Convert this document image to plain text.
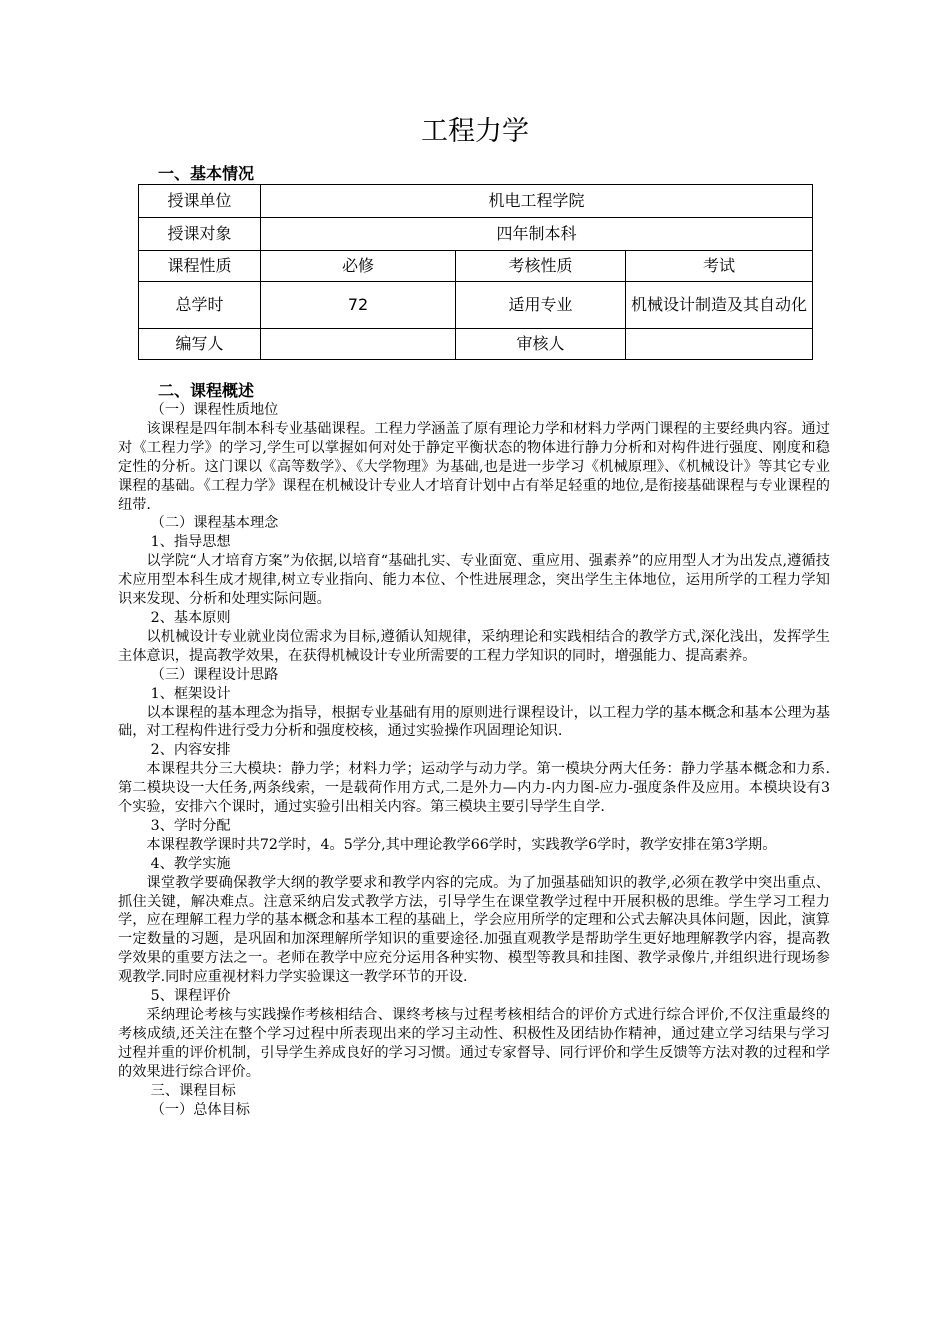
工程力学
一、基本情况
授课单位	机电工程学院		
授课对象	四年制本科		
课程性质	必修	考核性质	考试
总学时	72	适用专业	机械设计制造及其自动化
编写人		审核人	
二、课程概述

（一）课程性质地位

该课程是四年制本科专业基础课程。工程力学涵盖了原有理论力学和材料力学两门课程的主要经典内容。通过对《工程力学》的学习,学生可以掌握如何对处于静定平衡状态的物体进行静力分析和对构件进行强度、刚度和稳定性的分析。这门课以《高等数学》、《大学物理》为基础,也是进一步学习《机械原理》、《机械设计》等其它专业课程的基础。《工程力学》课程在机械设计专业人才培育计划中占有举足轻重的地位,是衔接基础课程与专业课程的纽带.

（二）课程基本理念

1、指导思想

以学院“人才培育方案”为依据,以培育“基础扎实、专业面宽、重应用、强素养”的应用型人才为出发点,遵循技术应用型本科生成才规律,树立专业指向、能力本位、个性进展理念，突出学生主体地位，运用所学的工程力学知识来发现、分析和处理实际问题。

2、基本原则

以机械设计专业就业岗位需求为目标,遵循认知规律，采纳理论和实践相结合的教学方式,深化浅出，发挥学生主体意识，提高教学效果，在获得机械设计专业所需要的工程力学知识的同时，增强能力、提高素养。

（三）课程设计思路

1、框架设计

以本课程的基本理念为指导，根据专业基础有用的原则进行课程设计，以工程力学的基本概念和基本公理为基础，对工程构件进行受力分析和强度校核，通过实验操作巩固理论知识.

2、内容安排

本课程共分三大模块：静力学；材料力学；运动学与动力学。第一模块分两大任务：静力学基本概念和力系.第二模块设一大任务,两条线索，一是载荷作用方式,二是外力—内力-内力图-应力-强度条件及应用。本模块设有3个实验，安排六个课时，通过实验引出相关内容。第三模块主要引导学生自学.

3、学时分配

本课程教学课时共72学时，4。5学分,其中理论教学66学时，实践教学6学时，教学安排在第3学期。

4、教学实施

课堂教学要确保教学大纲的教学要求和教学内容的完成。为了加强基础知识的教学,必须在教学中突出重点、抓住关键，解决难点。注意采纳启发式教学方法，引导学生在课堂教学过程中开展积极的思维。学生学习工程力学，应在理解工程力学的基本概念和基本工程的基础上，学会应用所学的定理和公式去解决具体问题，因此，演算一定数量的习题，是巩固和加深理解所学知识的重要途径.加强直观教学是帮助学生更好地理解教学内容，提高教学效果的重要方法之一。老师在教学中应充分运用各种实物、模型等教具和挂图、教学录像片,并组织进行现场参观教学.同时应重视材料力学实验课这一教学环节的开设.

5、课程评价

采纳理论考核与实践操作考核相结合、课终考核与过程考核相结合的评价方式进行综合评价,不仅注重最终的考核成绩,还关注在整个学习过程中所表现出来的学习主动性、积极性及团结协作精神，通过建立学习结果与学习过程并重的评价机制，引导学生养成良好的学习习惯。通过专家督导、同行评价和学生反馈等方法对教的过程和学的效果进行综合评价。

三、课程目标

（一）总体目标
